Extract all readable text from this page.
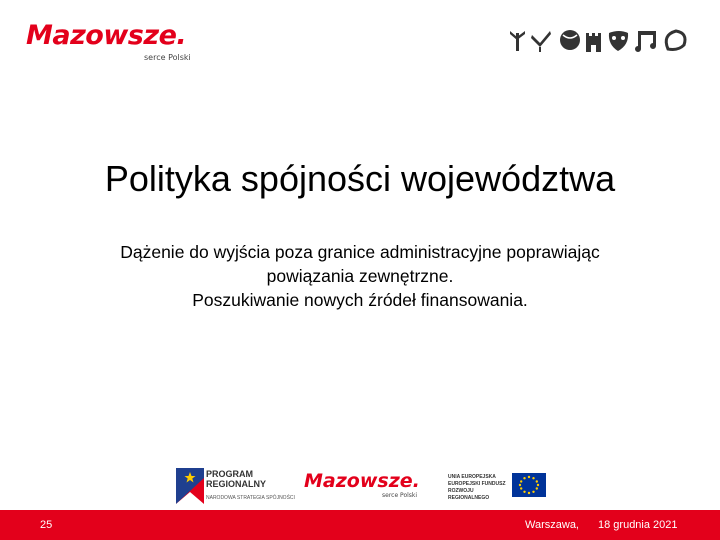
Mazowsze.
serce Polski
Polityka spójności województwa
Dążenie do wyjścia poza granice administracyjne poprawiając
powiązania zewnętrzne.
Poszukiwanie nowych źródeł finansowania.
PROGRAM
REGIONALNY
NARODOWA STRATEGIA SPÓJNOŚCI
Mazowsze.
serce Polski
UNIA EUROPEJSKA
EUROPEJSKI FUNDUSZ
ROZWOJU REGIONALNEGO
25	Warszawa, 18 grudnia 2021
